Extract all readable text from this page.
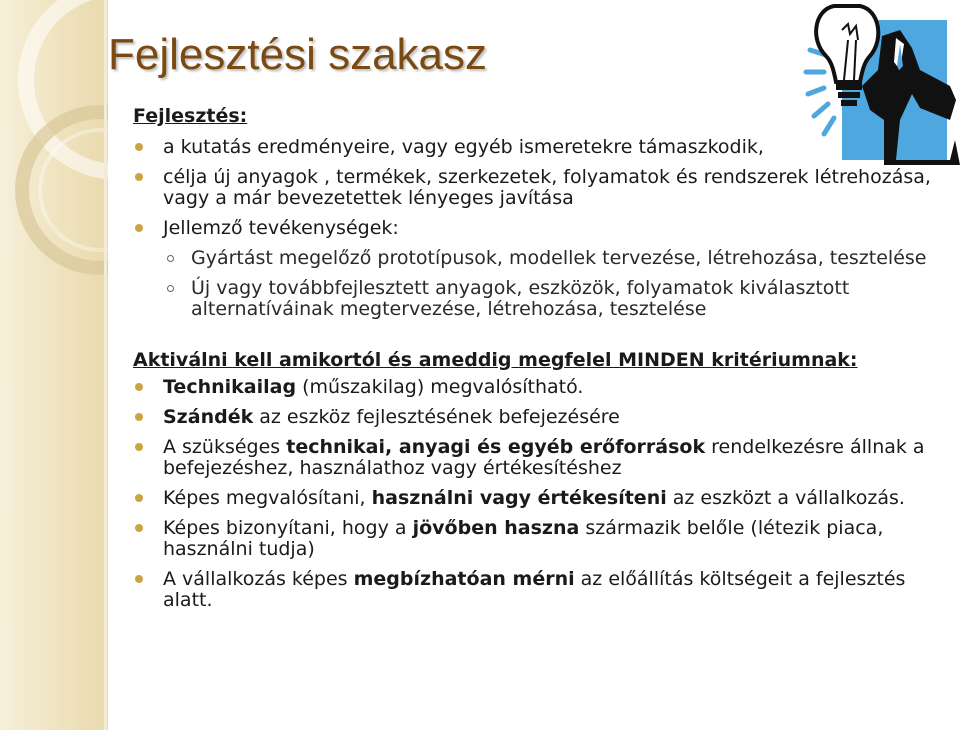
Fejlesztési szakasz
Fejlesztés:
a kutatás eredményeire, vagy egyéb ismeretekre támaszkodik,
célja új anyagok , termékek, szerkezetek, folyamatok és rendszerek létrehozása, vagy a már bevezetettek lényeges javítása
Jellemző tevékenységek:
Gyártást megelőző prototípusok, modellek tervezése, létrehozása, tesztelése
Új vagy továbbfejlesztett anyagok, eszközök, folyamatok kiválasztott alternatíváinak megtervezése, létrehozása, tesztelése
Aktiválni kell amikortól és ameddig megfelel MINDEN kritériumnak:
Technikailag (műszakilag) megvalósítható.
Szándék az eszköz fejlesztésének befejezésére
A szükséges technikai, anyagi és egyéb erőforrások rendelkezésre állnak a befejezéshez, használathoz vagy értékesítéshez
Képes megvalósítani, használni vagy értékesíteni az eszközt a vállalkozás.
Képes bizonyítani, hogy a jövőben haszna származik belőle (létezik piaca, használni tudja)
A vállalkozás képes megbízhatóan mérni az előállítás költségeit a fejlesztés alatt.
